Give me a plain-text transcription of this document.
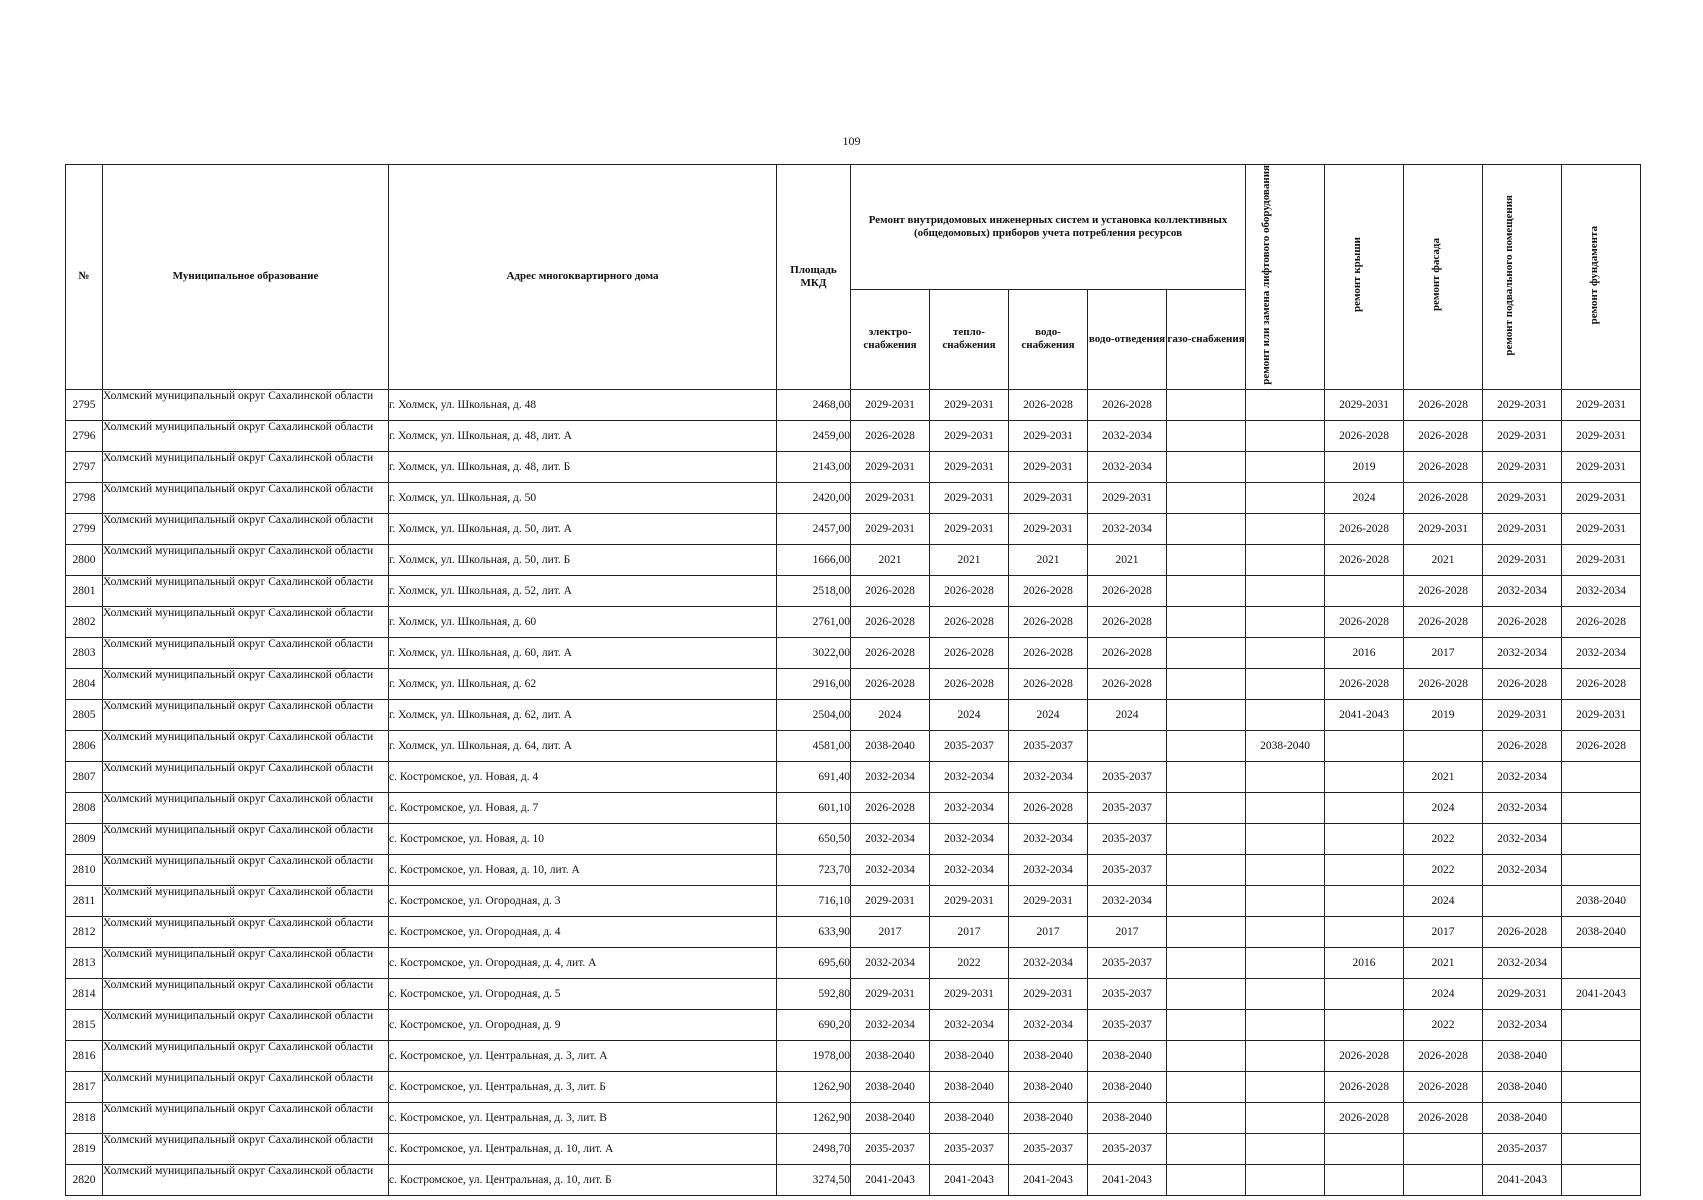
109
№	Муниципальное образование	Адрес многоквартирного дома	Площадь МКД	Ремонт внутридомовых инженерных систем и установка коллективных (общедомовых) приборов учета потребления ресурсов					ремонт или замена лифтового оборудования	ремонт крыши	ремонт фасада	ремонт подвального помещения	ремонт фундамента
				электро-снабжения	тепло-снабжения	водо-снабжения	водо-отведения	газо-снабжения					
2795	Холмский муниципальный округ Сахалинской области	г. Холмск, ул. Школьная, д. 48	2468,00	2029-2031	2029-2031	2026-2028	2026-2028			2029-2031	2026-2028	2029-2031	2029-2031
2796	Холмский муниципальный округ Сахалинской области	г. Холмск, ул. Школьная, д. 48, лит. А	2459,00	2026-2028	2029-2031	2029-2031	2032-2034			2026-2028	2026-2028	2029-2031	2029-2031
2797	Холмский муниципальный округ Сахалинской области	г. Холмск, ул. Школьная, д. 48, лит. Б	2143,00	2029-2031	2029-2031	2029-2031	2032-2034			2019	2026-2028	2029-2031	2029-2031
2798	Холмский муниципальный округ Сахалинской области	г. Холмск, ул. Школьная, д. 50	2420,00	2029-2031	2029-2031	2029-2031	2029-2031			2024	2026-2028	2029-2031	2029-2031
2799	Холмский муниципальный округ Сахалинской области	г. Холмск, ул. Школьная, д. 50, лит. А	2457,00	2029-2031	2029-2031	2029-2031	2032-2034			2026-2028	2029-2031	2029-2031	2029-2031
2800	Холмский муниципальный округ Сахалинской области	г. Холмск, ул. Школьная, д. 50, лит. Б	1666,00	2021	2021	2021	2021			2026-2028	2021	2029-2031	2029-2031
2801	Холмский муниципальный округ Сахалинской области	г. Холмск, ул. Школьная, д. 52, лит. А	2518,00	2026-2028	2026-2028	2026-2028	2026-2028				2026-2028	2032-2034	2032-2034
2802	Холмский муниципальный округ Сахалинской области	г. Холмск, ул. Школьная, д. 60	2761,00	2026-2028	2026-2028	2026-2028	2026-2028			2026-2028	2026-2028	2026-2028	2026-2028
2803	Холмский муниципальный округ Сахалинской области	г. Холмск, ул. Школьная, д. 60, лит. А	3022,00	2026-2028	2026-2028	2026-2028	2026-2028			2016	2017	2032-2034	2032-2034
2804	Холмский муниципальный округ Сахалинской области	г. Холмск, ул. Школьная, д. 62	2916,00	2026-2028	2026-2028	2026-2028	2026-2028			2026-2028	2026-2028	2026-2028	2026-2028
2805	Холмский муниципальный округ Сахалинской области	г. Холмск, ул. Школьная, д. 62, лит. А	2504,00	2024	2024	2024	2024			2041-2043	2019	2029-2031	2029-2031
2806	Холмский муниципальный округ Сахалинской области	г. Холмск, ул. Школьная, д. 64, лит. А	4581,00	2038-2040	2035-2037	2035-2037			2038-2040			2026-2028	2026-2028
2807	Холмский муниципальный округ Сахалинской области	с. Костромское, ул. Новая, д. 4	691,40	2032-2034	2032-2034	2032-2034	2035-2037				2021	2032-2034	
2808	Холмский муниципальный округ Сахалинской области	с. Костромское, ул. Новая, д. 7	601,10	2026-2028	2032-2034	2026-2028	2035-2037				2024	2032-2034	
2809	Холмский муниципальный округ Сахалинской области	с. Костромское, ул. Новая, д. 10	650,50	2032-2034	2032-2034	2032-2034	2035-2037				2022	2032-2034	
2810	Холмский муниципальный округ Сахалинской области	с. Костромское, ул. Новая, д. 10, лит. А	723,70	2032-2034	2032-2034	2032-2034	2035-2037				2022	2032-2034	
2811	Холмский муниципальный округ Сахалинской области	с. Костромское, ул. Огородная, д. 3	716,10	2029-2031	2029-2031	2029-2031	2032-2034				2024		2038-2040
2812	Холмский муниципальный округ Сахалинской области	с. Костромское, ул. Огородная, д. 4	633,90	2017	2017	2017	2017				2017	2026-2028	2038-2040
2813	Холмский муниципальный округ Сахалинской области	с. Костромское, ул. Огородная, д. 4, лит. А	695,60	2032-2034	2022	2032-2034	2035-2037			2016	2021	2032-2034	
2814	Холмский муниципальный округ Сахалинской области	с. Костромское, ул. Огородная, д. 5	592,80	2029-2031	2029-2031	2029-2031	2035-2037				2024	2029-2031	2041-2043
2815	Холмский муниципальный округ Сахалинской области	с. Костромское, ул. Огородная, д. 9	690,20	2032-2034	2032-2034	2032-2034	2035-2037				2022	2032-2034	
2816	Холмский муниципальный округ Сахалинской области	с. Костромское, ул. Центральная, д. 3, лит. А	1978,00	2038-2040	2038-2040	2038-2040	2038-2040			2026-2028	2026-2028	2038-2040	
2817	Холмский муниципальный округ Сахалинской области	с. Костромское, ул. Центральная, д. 3, лит. Б	1262,90	2038-2040	2038-2040	2038-2040	2038-2040			2026-2028	2026-2028	2038-2040	
2818	Холмский муниципальный округ Сахалинской области	с. Костромское, ул. Центральная, д. 3, лит. В	1262,90	2038-2040	2038-2040	2038-2040	2038-2040			2026-2028	2026-2028	2038-2040	
2819	Холмский муниципальный округ Сахалинской области	с. Костромское, ул. Центральная, д. 10, лит. А	2498,70	2035-2037	2035-2037	2035-2037	2035-2037					2035-2037	
2820	Холмский муниципальный округ Сахалинской области	с. Костромское, ул. Центральная, д. 10, лит. Б	3274,50	2041-2043	2041-2043	2041-2043	2041-2043					2041-2043	
